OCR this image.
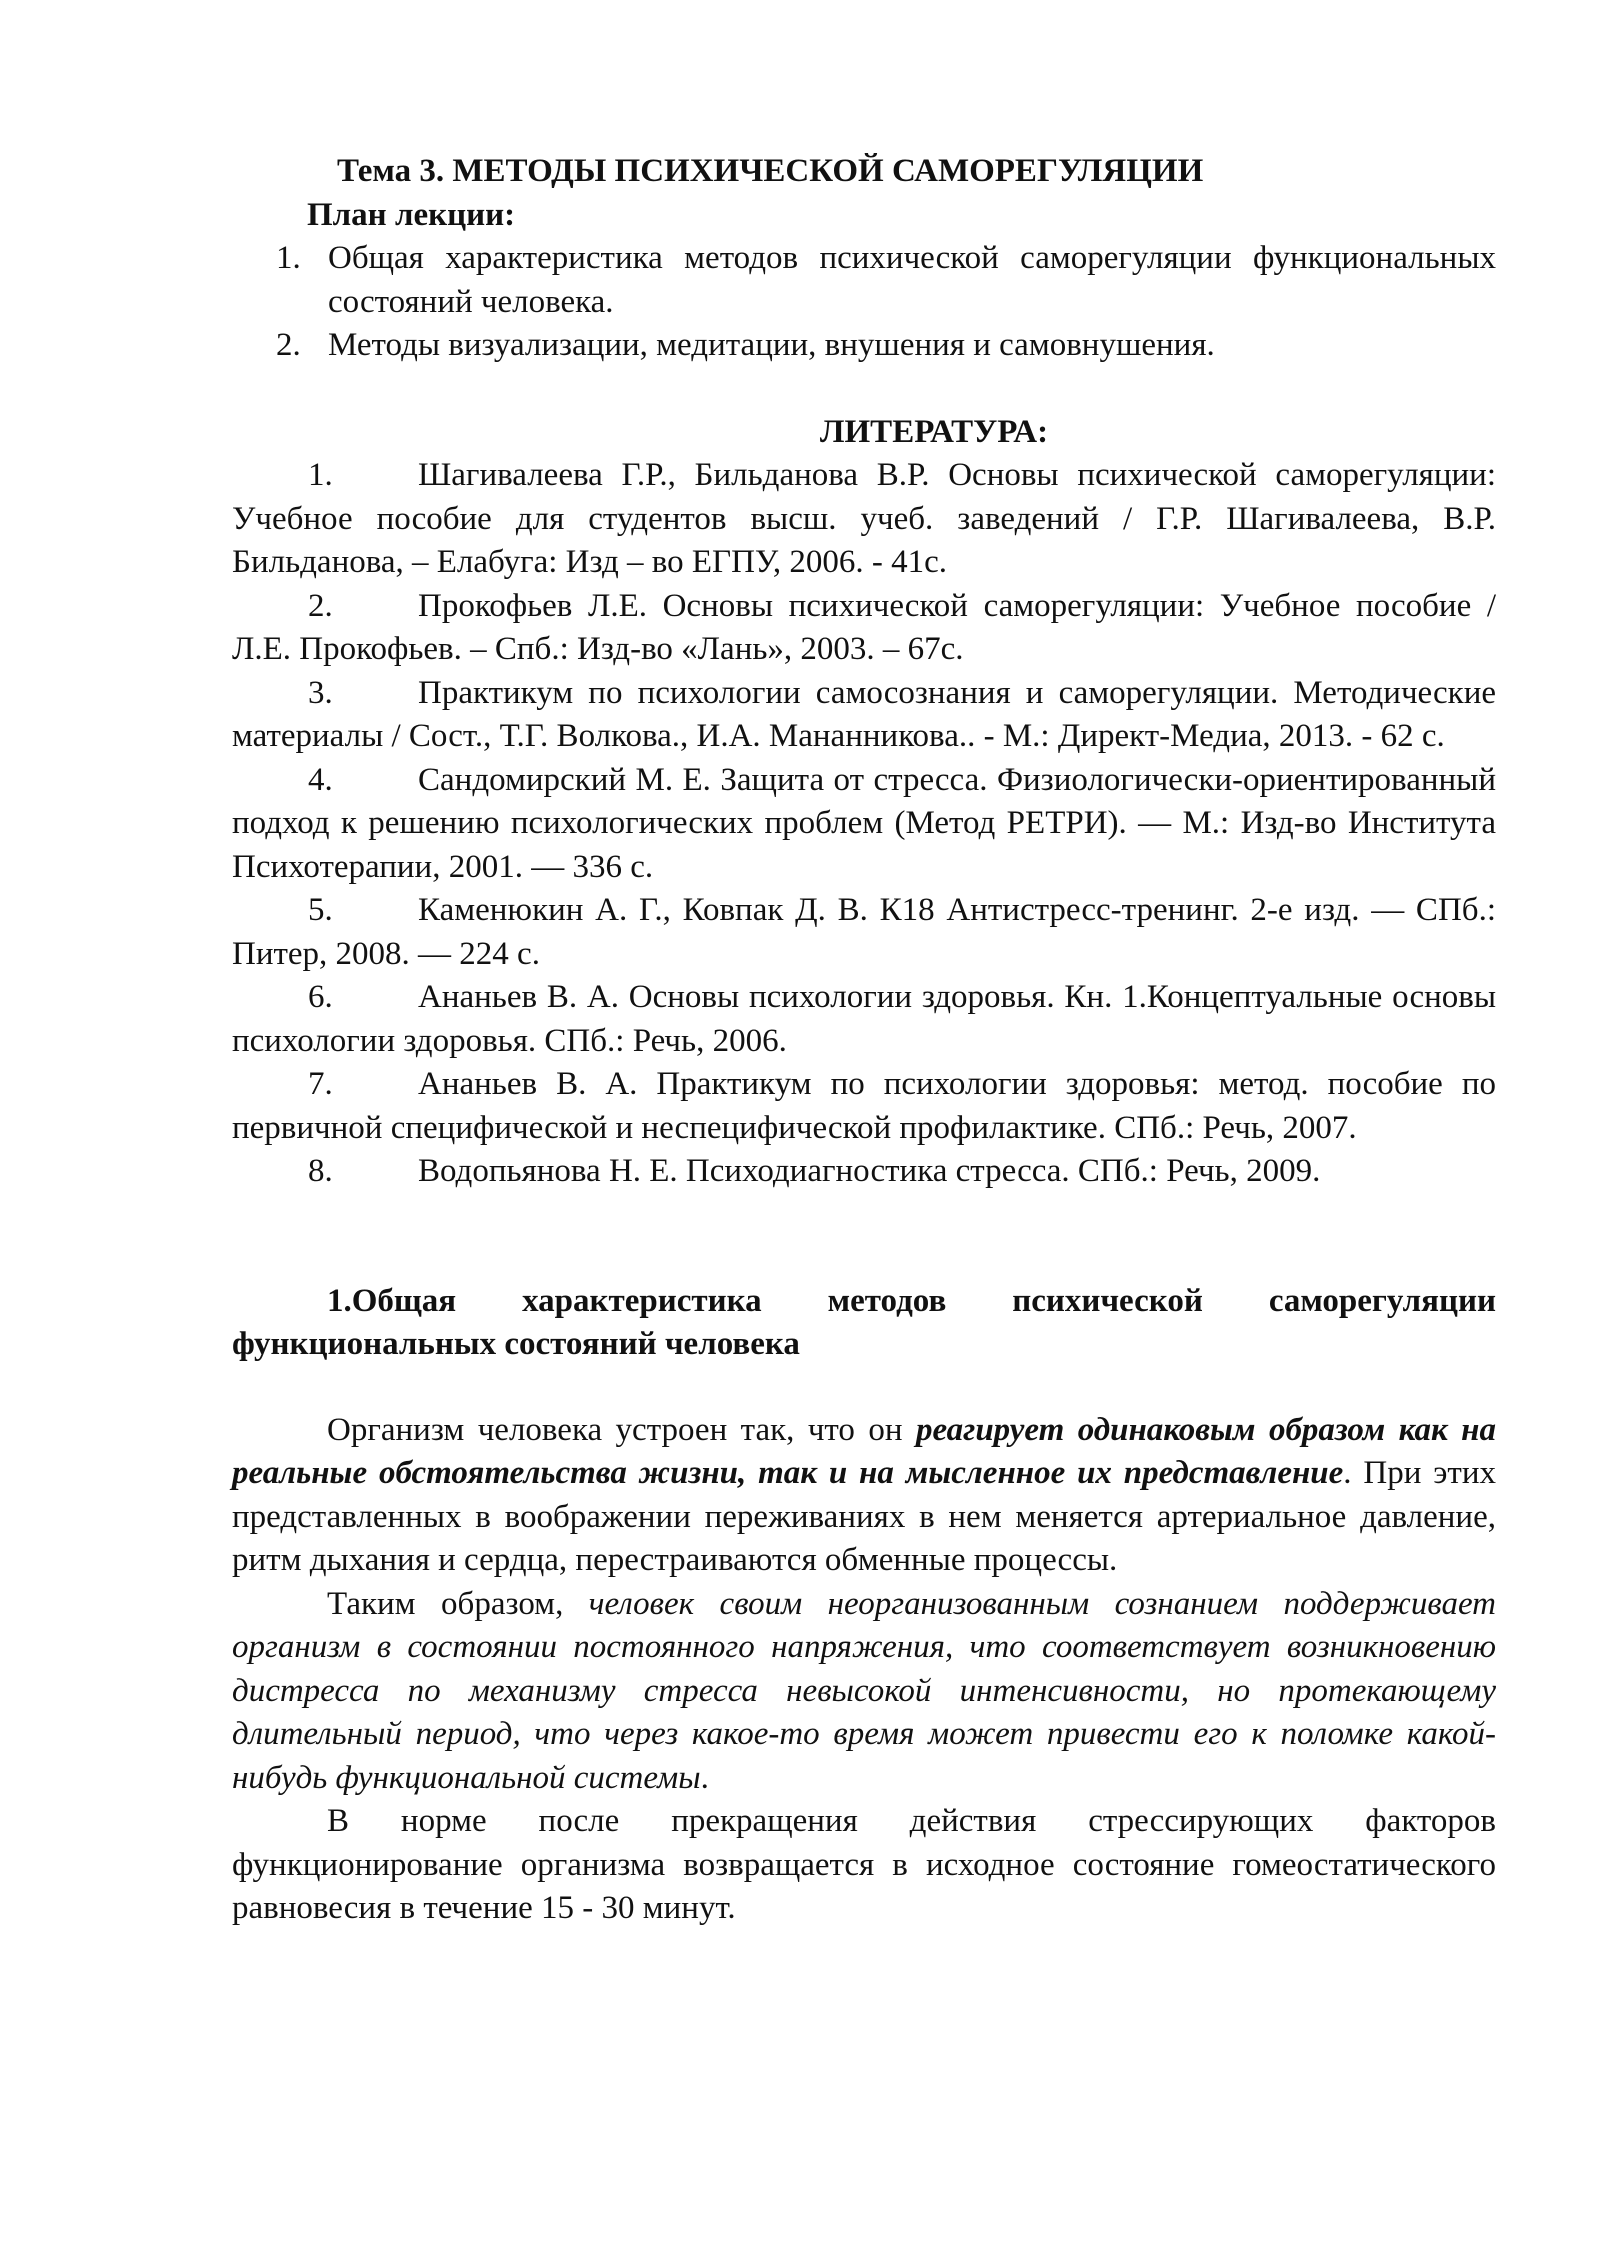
Тема 3. МЕТОДЫ ПСИХИЧЕСКОЙ САМОРЕГУЛЯЦИИ
План лекции:
1. Общая характеристика методов психической саморегуляции функциональных состояний человека.
2. Методы визуализации, медитации, внушения и самовнушения.
ЛИТЕРАТУРА:
1.	Шагивалеева Г.Р., Бильданова В.Р. Основы психической саморегуляции: Учебное пособие для студентов высш. учеб. заведений / Г.Р. Шагивалеева, В.Р. Бильданова, – Елабуга: Изд – во ЕГПУ, 2006. - 41с.
2.	Прокофьев Л.Е. Основы психической саморегуляции: Учебное пособие /Л.Е. Прокофьев. – Спб.: Изд-во «Лань», 2003. – 67с.
3.	Практикум по психологии самосознания и саморегуляции. Методические материалы / Сост., Т.Г. Волкова., И.А. Мананникова.. - М.: Директ-Медиа, 2013. - 62 с.
4.	Сандомирский М. Е. Защита от стресса. Физиологически-ориентированный подход к решению психологических проблем (Метод РЕТРИ). — М.: Изд-во Института Психотерапии, 2001. — 336 с.
5.	Каменюкин А. Г., Ковпак Д. В. К18 Антистресс-тренинг. 2-е изд. — СПб.: Питер, 2008. — 224 с.
6.	Ананьев В. А. Основы психологии здоровья. Кн. 1.Концептуальные основы психологии здоровья. СПб.: Речь, 2006.
7.	Ананьев В. А. Практикум по психологии здоровья: метод. пособие по первичной специфической и неспецифической профилактике. СПб.: Речь, 2007.
8.	Водопьянова Н. Е. Психодиагностика стресса. СПб.: Речь, 2009.
1.Общая характеристика методов психической саморегуляции функциональных состояний человека
Организм человека устроен так, что он реагирует одинаковым образом как на реальные обстоятельства жизни, так и на мысленное их представление. При этих представленных в воображении переживаниях в нем меняется артериальное давление, ритм дыхания и сердца, перестраиваются обменные процессы.
Таким образом, человек своим неорганизованным сознанием поддерживает организм в состоянии постоянного напряжения, что соответствует возникновению дистресса по механизму стресса невысокой интенсивности, но протекающему длительный период, что через какое-то время может привести его к поломке какой-нибудь функциональной системы.
В норме после прекращения действия стрессирующих факторов функционирование организма возвращается в исходное состояние гомеостатического равновесия в течение 15 - 30 минут.
